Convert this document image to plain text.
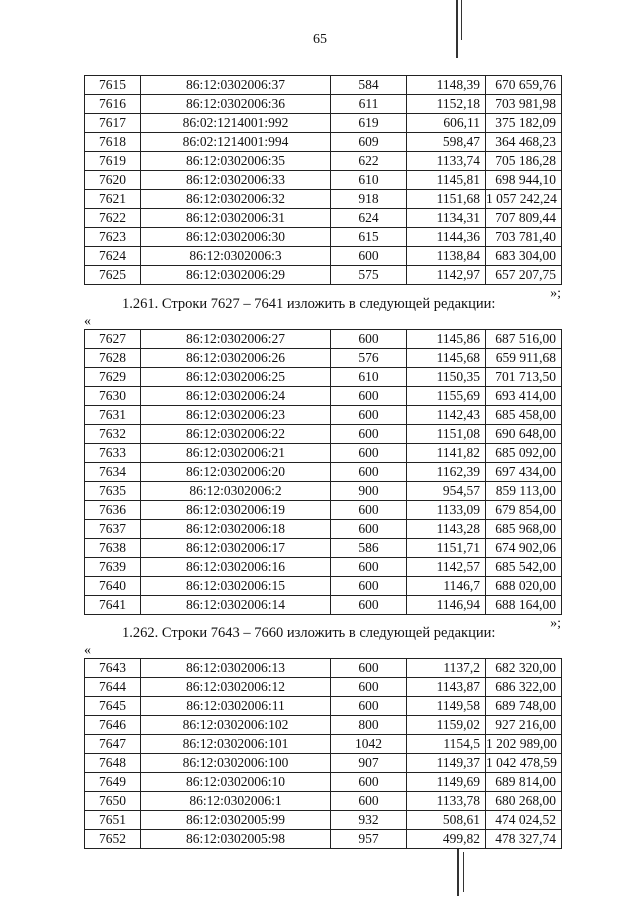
65
7615	86:12:0302006:37	584	1148,39	670 659,76
7616	86:12:0302006:36	611	1152,18	703 981,98
7617	86:02:1214001:992	619	606,11	375 182,09
7618	86:02:1214001:994	609	598,47	364 468,23
7619	86:12:0302006:35	622	1133,74	705 186,28
7620	86:12:0302006:33	610	1145,81	698 944,10
7621	86:12:0302006:32	918	1151,68	1 057 242,24
7622	86:12:0302006:31	624	1134,31	707 809,44
7623	86:12:0302006:30	615	1144,36	703 781,40
7624	86:12:0302006:3	600	1138,84	683 304,00
7625	86:12:0302006:29	575	1142,97	657 207,75
»;
1.261. Строки 7627 – 7641 изложить в следующей редакции:
«
7627	86:12:0302006:27	600	1145,86	687 516,00
7628	86:12:0302006:26	576	1145,68	659 911,68
7629	86:12:0302006:25	610	1150,35	701 713,50
7630	86:12:0302006:24	600	1155,69	693 414,00
7631	86:12:0302006:23	600	1142,43	685 458,00
7632	86:12:0302006:22	600	1151,08	690 648,00
7633	86:12:0302006:21	600	1141,82	685 092,00
7634	86:12:0302006:20	600	1162,39	697 434,00
7635	86:12:0302006:2	900	954,57	859 113,00
7636	86:12:0302006:19	600	1133,09	679 854,00
7637	86:12:0302006:18	600	1143,28	685 968,00
7638	86:12:0302006:17	586	1151,71	674 902,06
7639	86:12:0302006:16	600	1142,57	685 542,00
7640	86:12:0302006:15	600	1146,7	688 020,00
7641	86:12:0302006:14	600	1146,94	688 164,00
»;
1.262. Строки 7643 – 7660 изложить в следующей редакции:
«
7643	86:12:0302006:13	600	1137,2	682 320,00
7644	86:12:0302006:12	600	1143,87	686 322,00
7645	86:12:0302006:11	600	1149,58	689 748,00
7646	86:12:0302006:102	800	1159,02	927 216,00
7647	86:12:0302006:101	1042	1154,5	1 202 989,00
7648	86:12:0302006:100	907	1149,37	1 042 478,59
7649	86:12:0302006:10	600	1149,69	689 814,00
7650	86:12:0302006:1	600	1133,78	680 268,00
7651	86:12:0302005:99	932	508,61	474 024,52
7652	86:12:0302005:98	957	499,82	478 327,74
